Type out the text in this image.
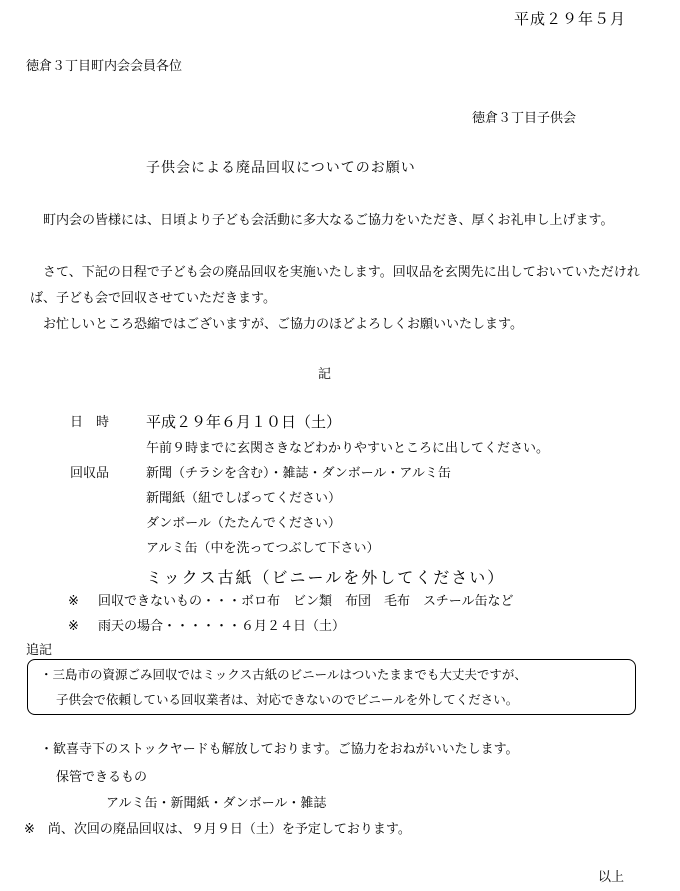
平成２９年５月
徳倉３丁目町内会会員各位
徳倉３丁目子供会
子供会による廃品回収についてのお願い
町内会の皆様には、日頃より子ども会活動に多大なるご協力をいただき、厚くお礼申し上げます。
さて、下記の日程で子ども会の廃品回収を実施いたします。回収品を玄関先に出しておいていただければ、子ども会で回収させていただきます。
お忙しいところ恐縮ではございますが、ご協力のほどよろしくお願いいたします。
記
日　時 平成２９年６月１０日（土）
午前９時までに玄関さきなどわかりやすいところに出してください。
回収品	新聞（チラシを含む）・雑誌・ダンボール・アルミ缶
新聞紙（紐でしばってください）
ダンボール（たたんでください）
アルミ缶（中を洗ってつぶして下さい）
ミックス古紙（ビニールを外してください）
※ 回収できないもの・・・ボロ布　ビン類　布団　毛布　スチール缶など
※ 雨天の場合・・・・・・６月２４日（土）
追記
・三島市の資源ごみ回収ではミックス古紙のビニールはついたままでも大丈夫ですが、
子供会で依頼している回収業者は、対応できないのでビニールを外してください。
・歓喜寺下のストックヤードも解放しております。ご協力をおねがいいたします。
保管できるもの
アルミ缶・新聞紙・ダンボール・雑誌
※　尚、次回の廃品回収は、９月９日（土）を予定しております。
以上
